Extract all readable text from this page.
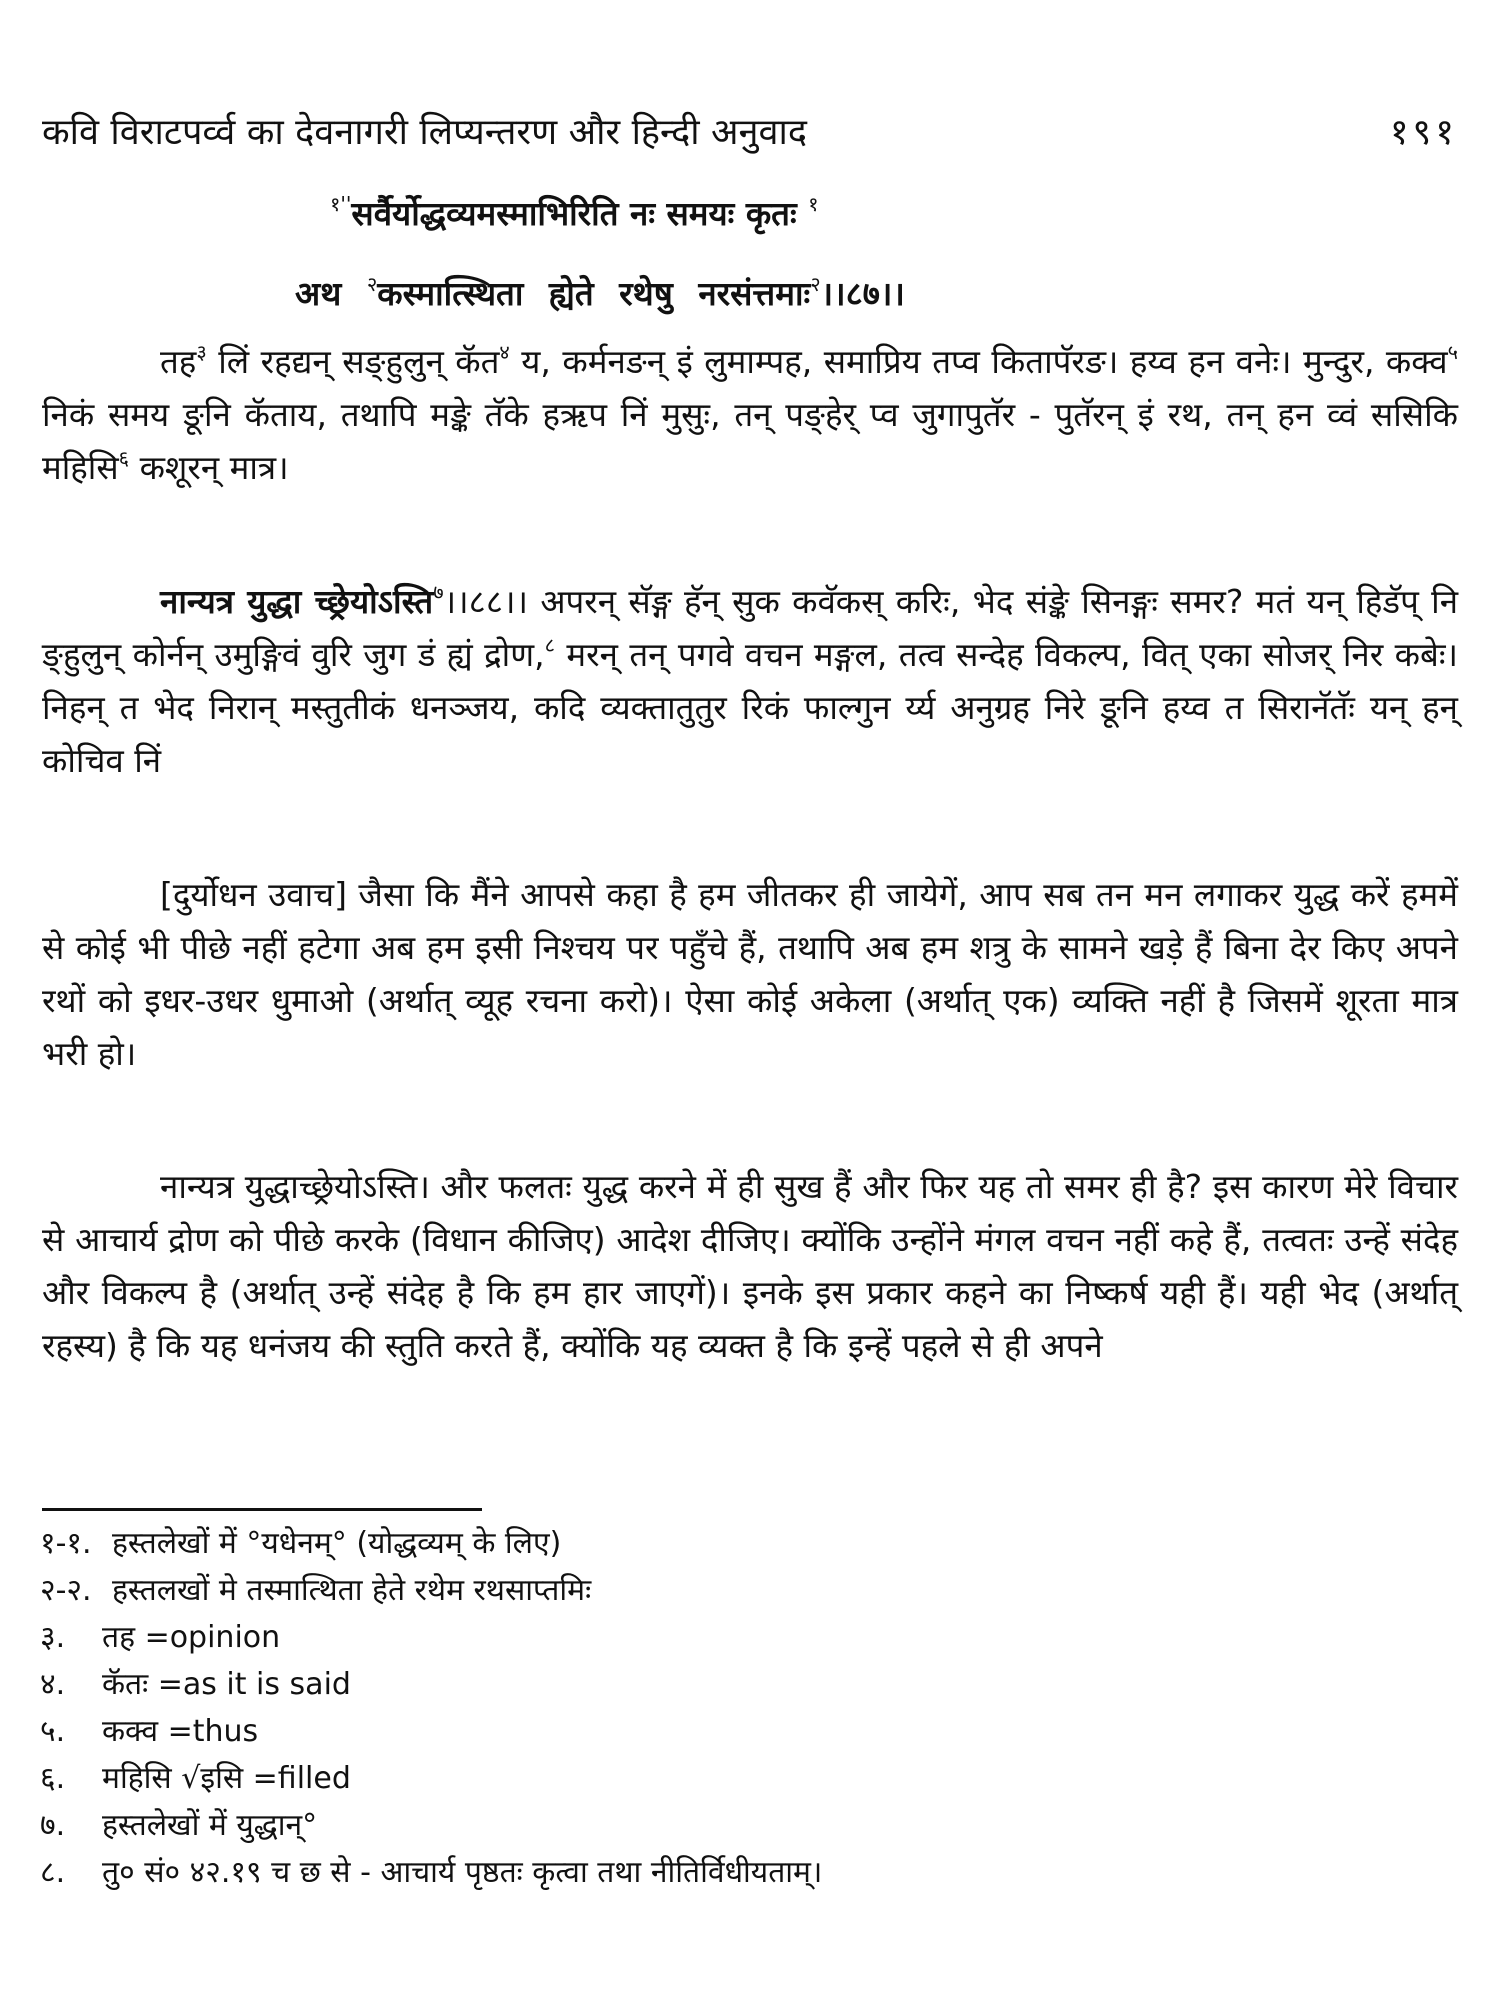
कवि विराटपर्व्व का देवनागरी लिप्यन्तरण और हिन्दी अनुवाद	१९१
$^{१''}$सर्वैर्योद्धव्यमस्माभिरिति नः समयः कृतः $^१$
अथ $^२$कस्मात्स्थिता ह्येते रथेषु नरसंत्तमाः$^२$।।८७।।
तह$^३$ लिं रहद्यन् सङ्हुलुन् कॅत$^४$ य, कर्मनङन् इं लुमाम्पह, समाप्रिय तप्व कितापॅरङ। हय्व हन वनेः। मुन्दुर, कक्व$^५$ निकं समय ङूनि कॅताय, तथापि मङ्के तॅके हऋप निं मुसुः, तन् पङ्हेर् प्व जुगापुतॅर - पुतॅरन् इं रथ, तन् हन व्वं ससिकि महिसि$^६$ कशूरन् मात्र।
नान्यत्र युद्धा च्छ्रेयोऽस्ति$^७$।।८८।। अपरन् सॅङ्ग हॅन् सुक कवॅकस् करिः, भेद संङ्के सिनङ्गः समर? मतं यन् हिडॅप् नि ङ्हुलुन् कोर्नन् उमुङ्गिवं वुरि जुग डं ह्यं द्रोण,$^८$ मरन् तन् पगवे वचन मङ्गल, तत्व सन्देह विकल्प, वित् एका सोजर् निर कबेः। निहन् त भेद निरान् मस्तुतीकं धनञ्जय, कदि व्यक्तातुतुर रिकं फाल्गुन र्य्य अनुग्रह निरे ङूनि हय्व त सिरानॅतॅः यन् हन् कोचिव निं
[दुर्योधन उवाच] जैसा कि मैंने आपसे कहा है हम जीतकर ही जायेगें, आप सब तन मन लगाकर युद्ध करें हममें से कोई भी पीछे नहीं हटेगा अब हम इसी निश्चय पर पहुँचे हैं, तथापि अब हम शत्रु के सामने खड़े हैं बिना देर किए अपने रथों को इधर-उधर धुमाओ (अर्थात् व्यूह रचना करो)। ऐसा कोई अकेला (अर्थात् एक) व्यक्ति नहीं है जिसमें शूरता मात्र भरी हो।
नान्यत्र युद्धाच्छ्रेयोऽस्ति। और फलतः युद्ध करने में ही सुख हैं और फिर यह तो समर ही है? इस कारण मेरे विचार से आचार्य द्रोण को पीछे करके (विधान कीजिए) आदेश दीजिए। क्योंकि उन्होंने मंगल वचन नहीं कहे हैं, तत्वतः उन्हें संदेह और विकल्प है (अर्थात् उन्हें संदेह है कि हम हार जाएगें)। इनके इस प्रकार कहने का निष्कर्ष यही हैं। यही भेद (अर्थात् रहस्य) है कि यह धनंजय की स्तुति करते हैं, क्योंकि यह व्यक्त है कि इन्हें पहले से ही अपने
१-१. हस्तलेखों में °यधेनम्° (योद्धव्यम् के लिए)
२-२. हस्तलखों मे तस्मात्थिता हेते रथेम रथसाप्तमिः
३. तह =opinion
४. कॅतः =as it is said
५. कक्व =thus
६. महिसि √इसि =filled
७. हस्तलेखों में युद्धान्°
८. तु० सं० ४२.१९ च छ से - आचार्य पृष्ठतः कृत्वा तथा नीतिर्विधीयताम्।
